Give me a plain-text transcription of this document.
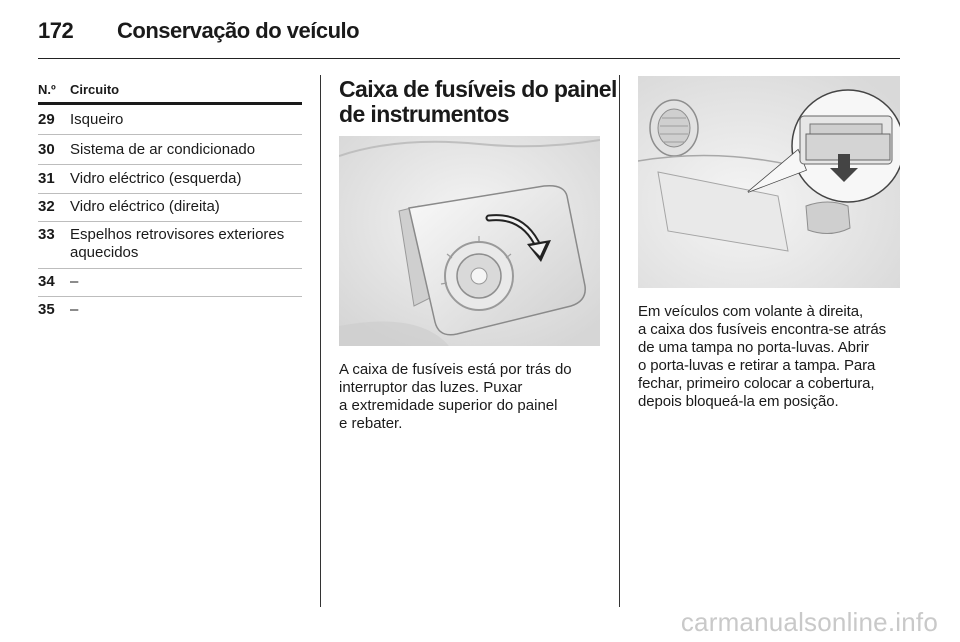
172 Conservação do veículo
N.º Circuito
29 Isqueiro
30 Sistema de ar condicionado
31 Vidro eléctrico (esquerda)
32 Vidro eléctrico (direita)
33 Espelhos retrovisores exteriores
aquecidos
34 –
35 –
Caixa de fusíveis do painel
de instrumentos
A caixa de fusíveis está por trás do
interruptor das luzes. Puxar
a extremidade superior do painel
e rebater.
Em veículos com volante à direita,
a caixa dos fusíveis encontra-se atrás
de uma tampa no porta-luvas. Abrir
o porta-luvas e retirar a tampa. Para
fechar, primeiro colocar a cobertura,
depois bloqueá-la em posição.
carmanualsonline.info
